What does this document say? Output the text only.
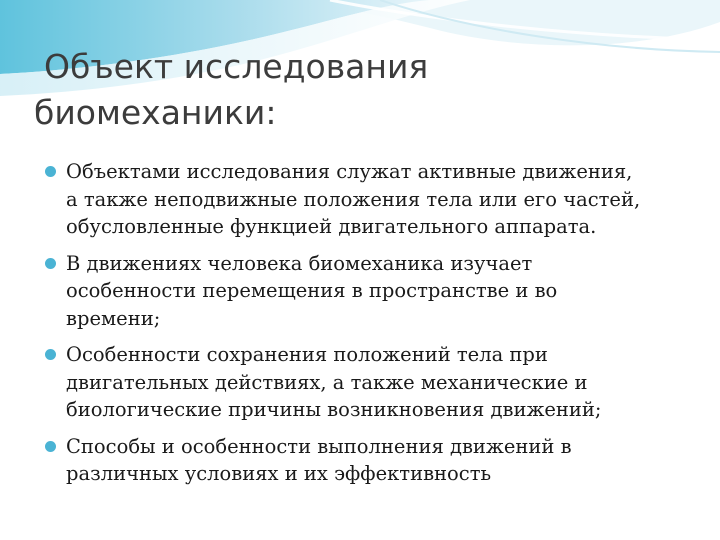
Объект исследования
биомеханики:
Объектами исследования служат активные движения,
а также неподвижные положения тела или его частей,
обусловленные функцией двигательного аппарата.
В движениях человека биомеханика изучает
особенности перемещения в пространстве и во
времени;
Особенности сохранения положений тела при
двигательных действиях, а также механические и
биологические причины возникновения движений;
Способы и особенности выполнения движений в
различных условиях и их эффективность
